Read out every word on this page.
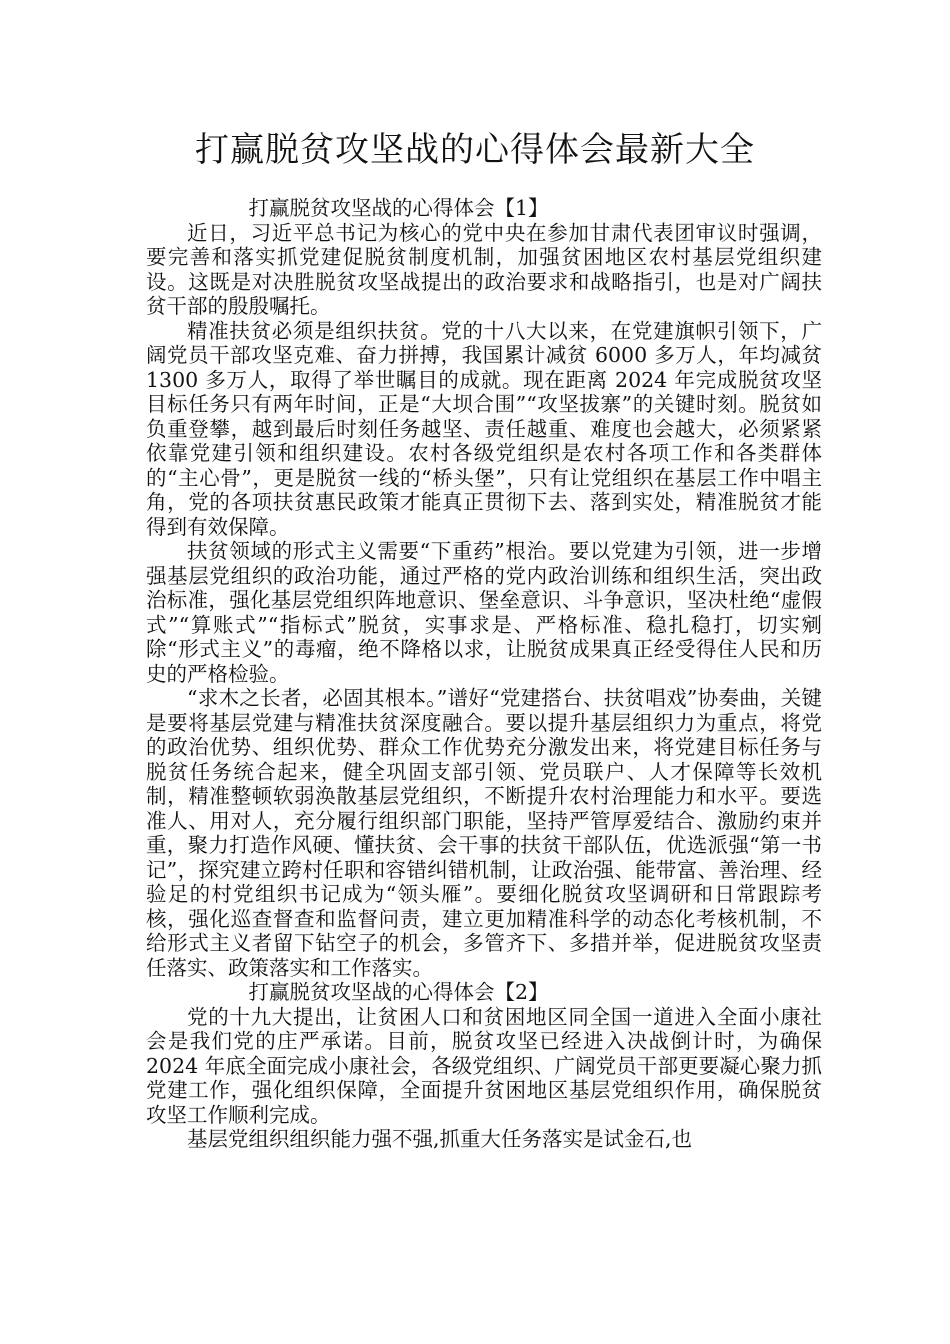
打赢脱贫攻坚战的心得体会最新大全

打赢脱贫攻坚战的心得体会【1】

近日，习近平总书记为核心的党中央在参加甘肃代表团审议时强调，要完善和落实抓党建促脱贫制度机制，加强贫困地区农村基层党组织建设。这既是对决胜脱贫攻坚战提出的政治要求和战略指引，也是对广阔扶贫干部的殷殷嘱托。

精准扶贫必须是组织扶贫。党的十八大以来，在党建旗帜引领下，广阔党员干部攻坚克难、奋力拼搏，我国累计减贫 6000 多万人，年均减贫 1300 多万人，取得了举世瞩目的成就。现在距离 2024 年完成脱贫攻坚目标任务只有两年时间，正是“大坝合围”“攻坚拔寨”的关键时刻。脱贫如负重登攀，越到最后时刻任务越坚、责任越重、难度也会越大，必须紧紧依靠党建引领和组织建设。农村各级党组织是农村各项工作和各类群体的“主心骨”，更是脱贫一线的“桥头堡”，只有让党组织在基层工作中唱主角，党的各项扶贫惠民政策才能真正贯彻下去、落到实处，精准脱贫才能得到有效保障。

扶贫领域的形式主义需要“下重药”根治。要以党建为引领，进一步增强基层党组织的政治功能，通过严格的党内政治训练和组织生活，突出政治标准，强化基层党组织阵地意识、堡垒意识、斗争意识，坚决杜绝“虚假式”“算账式”“指标式”脱贫，实事求是、严格标准、稳扎稳打，切实剜除“形式主义”的毒瘤，绝不降格以求，让脱贫成果真正经受得住人民和历史的严格检验。

“求木之长者，必固其根本。”谱好“党建搭台、扶贫唱戏”协奏曲，关键是要将基层党建与精准扶贫深度融合。要以提升基层组织力为重点，将党的政治优势、组织优势、群众工作优势充分激发出来，将党建目标任务与脱贫任务统合起来，健全巩固支部引领、党员联户、人才保障等长效机制，精准整顿软弱涣散基层党组织，不断提升农村治理能力和水平。要选准人、用对人，充分履行组织部门职能，坚持严管厚爱结合、激励约束并重，聚力打造作风硬、懂扶贫、会干事的扶贫干部队伍，优选派强“第一书记”，探究建立跨村任职和容错纠错机制，让政治强、能带富、善治理、经验足的村党组织书记成为“领头雁”。要细化脱贫攻坚调研和日常跟踪考核，强化巡查督查和监督问责，建立更加精准科学的动态化考核机制，不给形式主义者留下钻空子的机会，多管齐下、多措并举，促进脱贫攻坚责任落实、政策落实和工作落实。

打赢脱贫攻坚战的心得体会【2】

党的十九大提出，让贫困人口和贫困地区同全国一道进入全面小康社会是我们党的庄严承诺。目前，脱贫攻坚已经进入决战倒计时，为确保 2024 年底全面完成小康社会，各级党组织、广阔党员干部更要凝心聚力抓党建工作，强化组织保障，全面提升贫困地区基层党组织作用，确保脱贫攻坚工作顺利完成。

基层党组织组织能力强不强,抓重大任务落实是试金石,也
